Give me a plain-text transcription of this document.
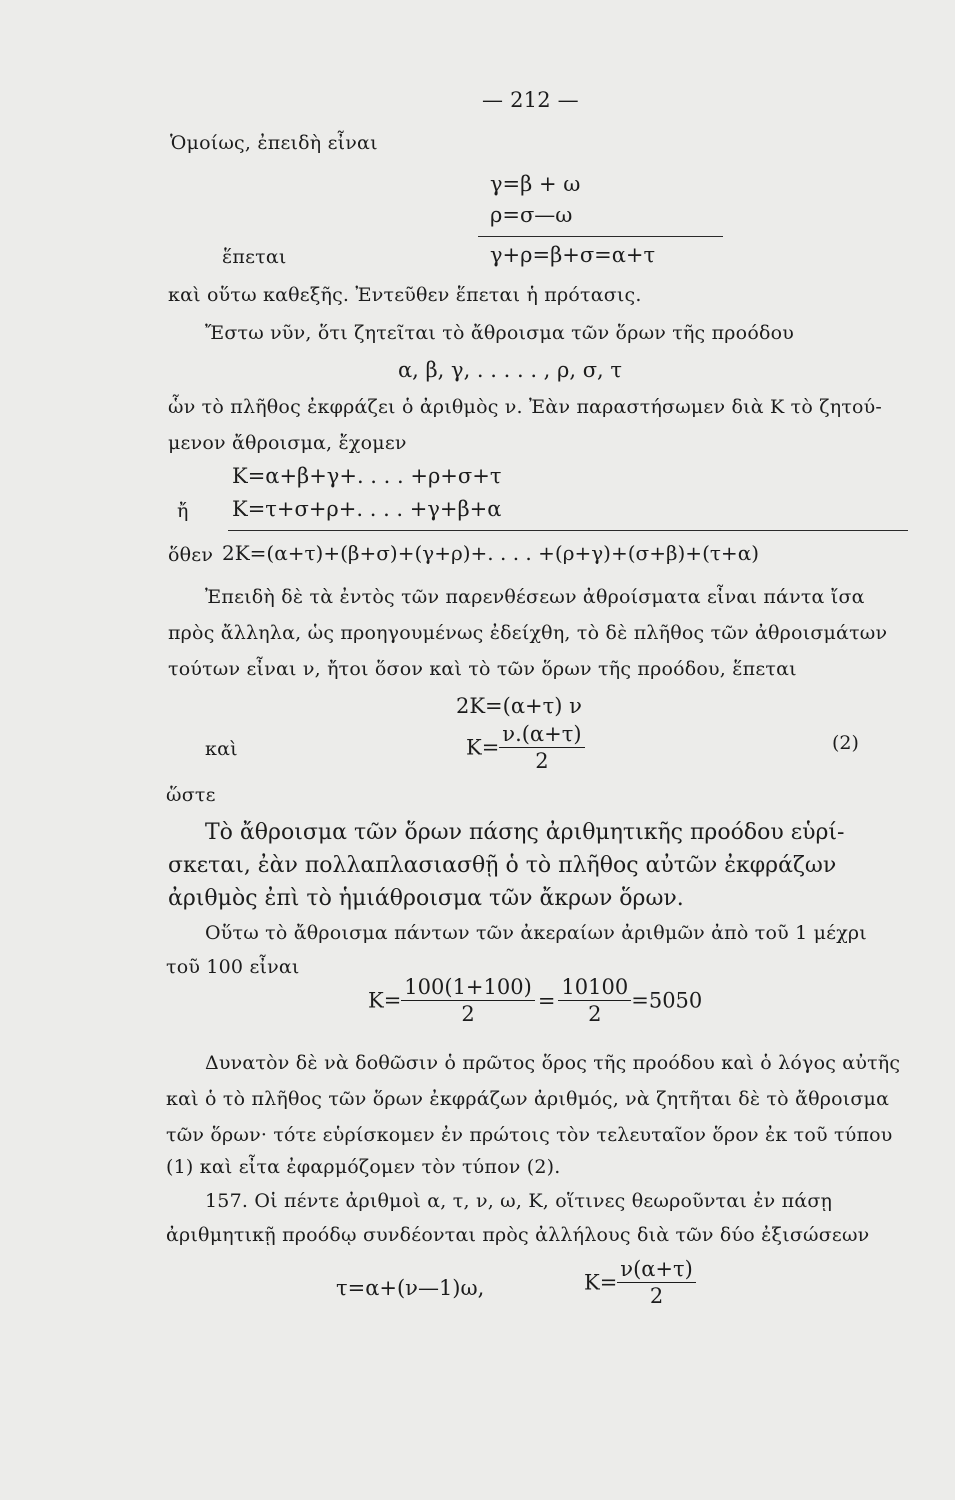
— 212 —
Ὁμοίως, ἐπειδὴ εἶναι
γ=β + ω
ρ=σ—ω
ἕπεται	γ+ρ=β+σ=α+τ
καὶ οὕτω καθεξῆς. Ἐντεῦθεν ἕπεται ἡ πρότασις.
Ἔστω νῦν, ὅτι ζητεῖται τὸ ἄθροισμα τῶν ὅρων τῆς προόδου
α, β, γ, . . . . . , ρ, σ, τ
ὧν τὸ πλῆθος ἐκφράζει ὁ ἀριθμὸς ν. Ἐὰν παραστήσωμεν διὰ Κ τὸ ζητού-
μενον ἄθροισμα, ἔχομεν
Κ=α+β+γ+. . . . +ρ+σ+τ
ἤ Κ=τ+σ+ρ+. . . . +γ+β+α
ὅθεν 2Κ=(α+τ)+(β+σ)+(γ+ρ)+. . . . +(ρ+γ)+(σ+β)+(τ+α)
Ἐπειδὴ δὲ τὰ ἐντὸς τῶν παρενθέσεων ἀθροίσματα εἶναι πάντα ἴσα
πρὸς ἄλληλα, ὡς προηγουμένως ἐδείχθη, τὸ δὲ πλῆθος τῶν ἀθροισμάτων
τούτων εἶναι ν, ἤτοι ὅσον καὶ τὸ τῶν ὅρων τῆς προόδου, ἕπεται
2Κ=(α+τ) ν
καὶ	$K= \frac{\nu.(\alpha+\tau)}{2}$	(2)
ὥστε
Τὸ ἄθροισμα τῶν ὅρων πάσης ἀριθμητικῆς προόδου εὑρί-
σκεται, ἐὰν πολλαπλασιασθῇ ὁ τὸ πλῆθος αὐτῶν ἐκφράζων
ἀριθμὸς ἐπὶ τὸ ἡμιάθροισμα τῶν ἄκρων ὅρων.
Οὕτω τὸ ἄθροισμα πάντων τῶν ἀκεραίων ἀριθμῶν ἀπὸ τοῦ 1 μέχρι
τοῦ 100 εἶναι
$K= \frac{100(1+100)}{2} = \frac{10100}{2} =5050$
Δυνατὸν δὲ νὰ δοθῶσιν ὁ πρῶτος ὅρος τῆς προόδου καὶ ὁ λόγος αὐτῆς
καὶ ὁ τὸ πλῆθος τῶν ὅρων ἐκφράζων ἀριθμός, νὰ ζητῆται δὲ τὸ ἄθροισμα
τῶν ὅρων· τότε εὑρίσκομεν ἐν πρώτοις τὸν τελευταῖον ὅρον ἐκ τοῦ τύπου
(1) καὶ εἶτα ἐφαρμόζομεν τὸν τύπον (2).
157. Οἱ πέντε ἀριθμοὶ α, τ, ν, ω, Κ, οἵτινες θεωροῦνται ἐν πάσῃ
ἀριθμητικῇ προόδῳ συνδέονται πρὸς ἀλλήλους διὰ τῶν δύο ἐξισώσεων
τ=α+(ν—1)ω,	$K= \frac{\nu(\alpha+\tau)}{2}$
